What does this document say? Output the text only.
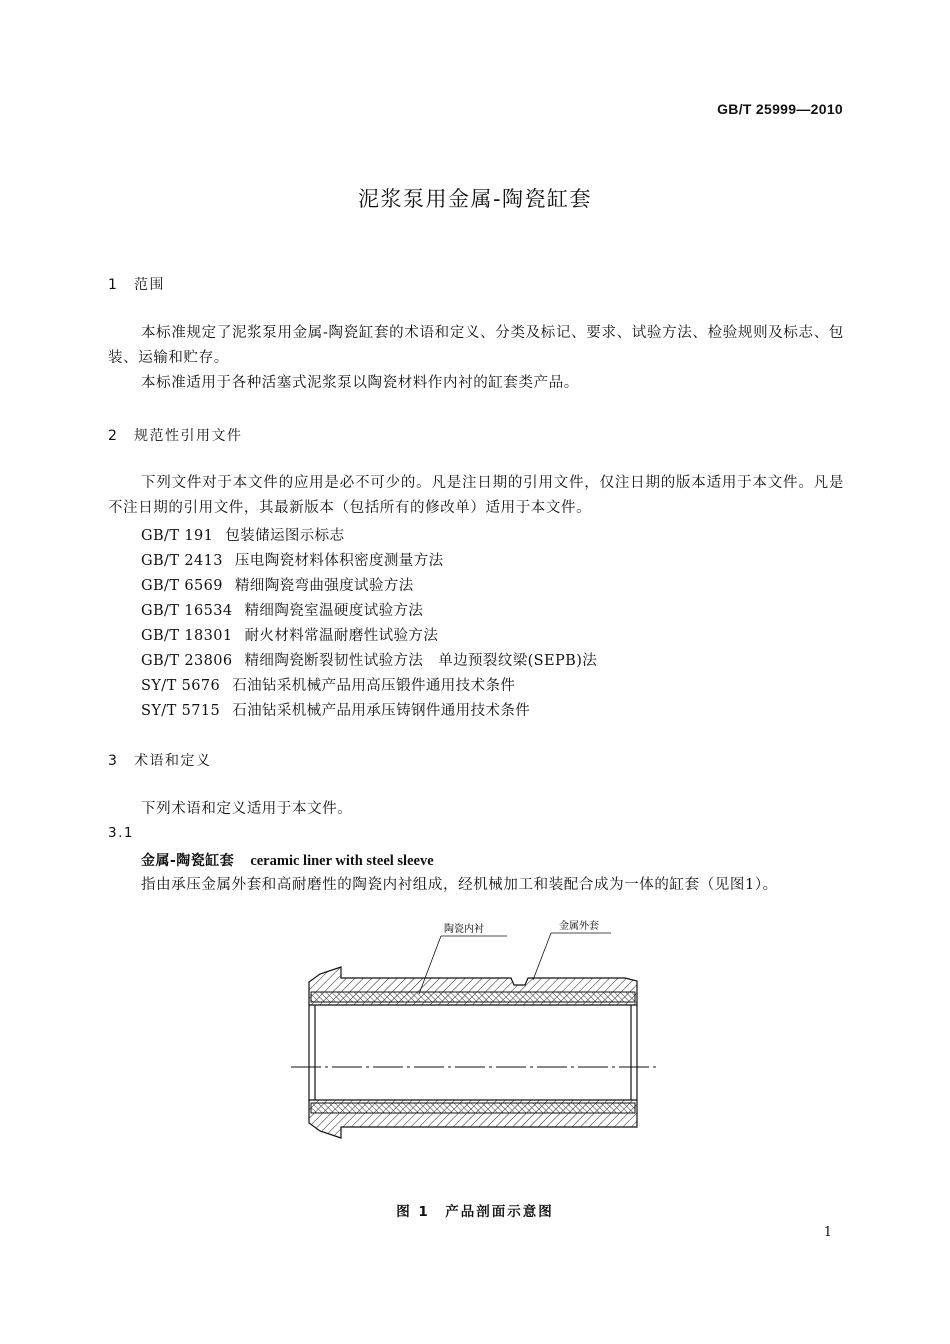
GB/T 25999—2010
泥浆泵用金属-陶瓷缸套
1 范围
本标准规定了泥浆泵用金属-陶瓷缸套的术语和定义、分类及标记、要求、试验方法、检验规则及标志、包装、运输和贮存。
本标准适用于各种活塞式泥浆泵以陶瓷材料作内衬的缸套类产品。
2 规范性引用文件
下列文件对于本文件的应用是必不可少的。凡是注日期的引用文件，仅注日期的版本适用于本文件。凡是不注日期的引用文件，其最新版本（包括所有的修改单）适用于本文件。
GB/T 191 包装储运图示标志
GB/T 2413 压电陶瓷材料体积密度测量方法
GB/T 6569 精细陶瓷弯曲强度试验方法
GB/T 16534 精细陶瓷室温硬度试验方法
GB/T 18301 耐火材料常温耐磨性试验方法
GB/T 23806 精细陶瓷断裂韧性试验方法　单边预裂纹梁(SEPB)法
SY/T 5676 石油钻采机械产品用高压锻件通用技术条件
SY/T 5715 石油钻采机械产品用承压铸钢件通用技术条件
3 术语和定义
下列术语和定义适用于本文件。
3.1
金属-陶瓷缸套 ceramic liner with steel sleeve
指由承压金属外套和高耐磨性的陶瓷内衬组成，经机械加工和装配合成为一体的缸套（见图1）。
陶瓷内衬	金属外套
图 1　产品剖面示意图
1
